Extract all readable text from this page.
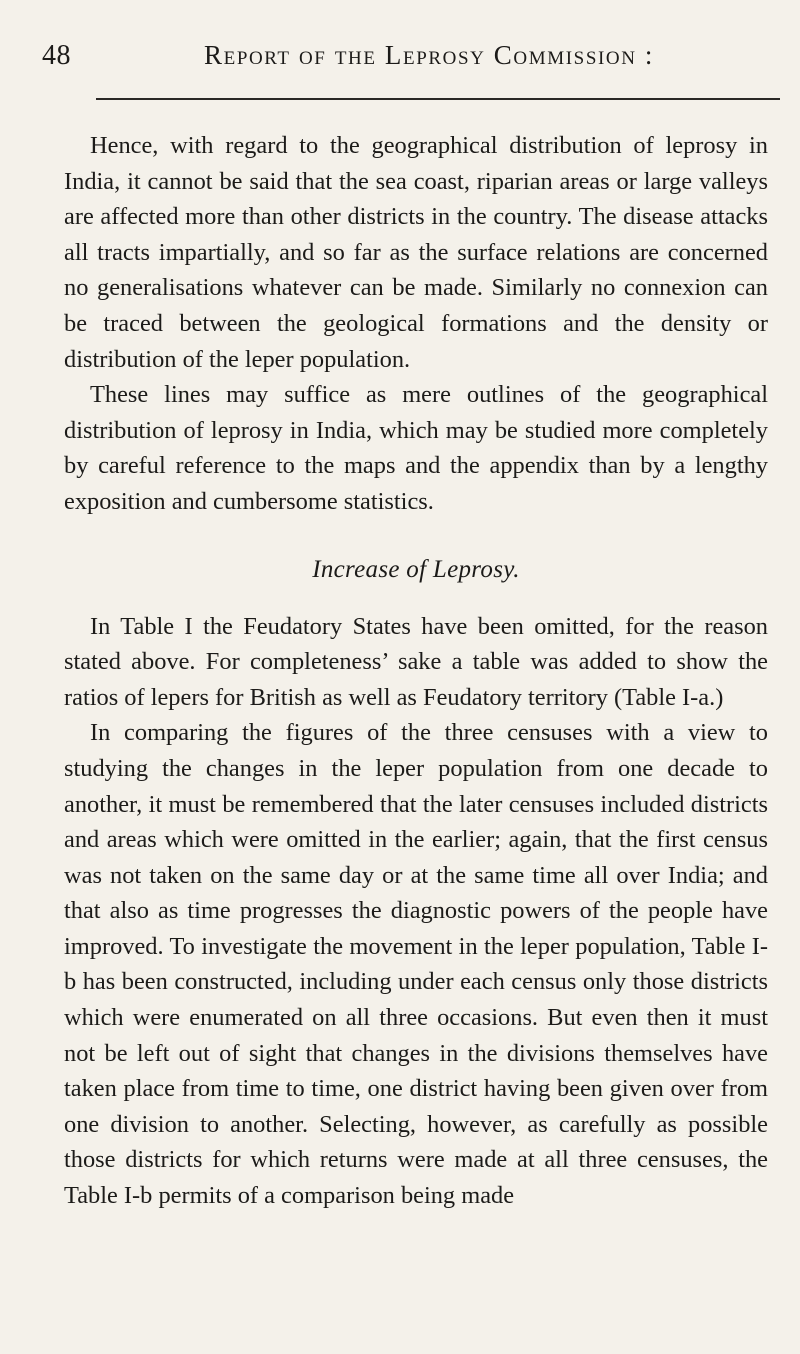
48	Report of the Leprosy Commission :

Hence, with regard to the geographical distribution of leprosy in India, it cannot be said that the sea coast, riparian areas or large valleys are affected more than other districts in the country. The disease attacks all tracts impartially, and so far as the surface relations are concerned no generalisations whatever can be made. Similarly no connexion can be traced between the geological formations and the density or distribution of the leper population.

These lines may suffice as mere outlines of the geographical distribution of leprosy in India, which may be studied more completely by careful reference to the maps and the appendix than by a lengthy exposition and cumbersome statistics.

Increase of Leprosy.

In Table I the Feudatory States have been omitted, for the reason stated above. For completeness’ sake a table was added to show the ratios of lepers for British as well as Feudatory territory (Table I-a.)

In comparing the figures of the three censuses with a view to studying the changes in the leper population from one decade to another, it must be remembered that the later censuses included districts and areas which were omitted in the earlier; again, that the first census was not taken on the same day or at the same time all over India; and that also as time progresses the diagnostic powers of the people have improved. To investigate the movement in the leper population, Table I-b has been constructed, including under each census only those districts which were enumerated on all three occasions. But even then it must not be left out of sight that changes in the divisions themselves have taken place from time to time, one district having been given over from one division to another. Selecting, however, as carefully as possible those districts for which returns were made at all three censuses, the Table I-b permits of a comparison being made
